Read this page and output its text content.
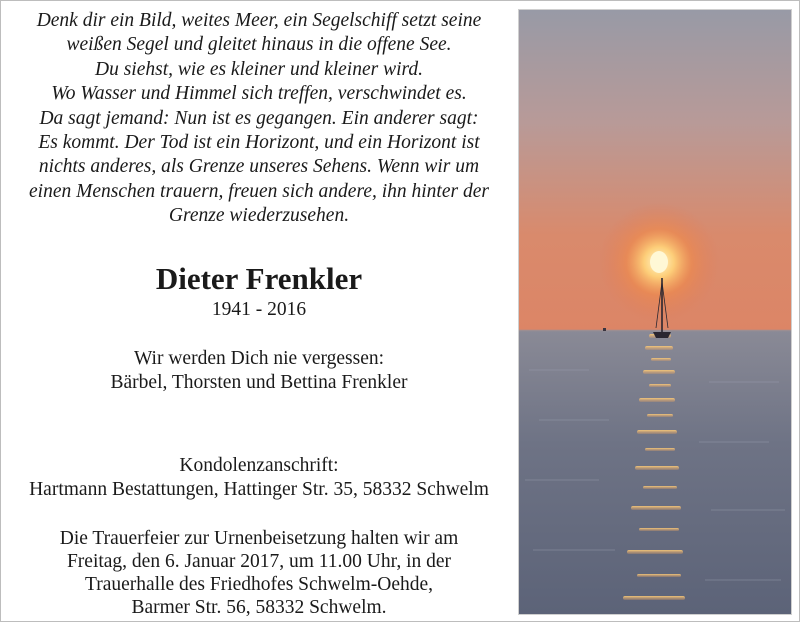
Denk dir ein Bild, weites Meer, ein Segelschiff setzt seine
weißen Segel und gleitet hinaus in die offene See.
Du siehst, wie es kleiner und kleiner wird.
Wo Wasser und Himmel sich treffen, verschwindet es.
Da sagt jemand: Nun ist es gegangen. Ein anderer sagt:
Es kommt. Der Tod ist ein Horizont, und ein Horizont ist
nichts anderes, als Grenze unseres Sehens. Wenn wir um
einen Menschen trauern, freuen sich andere, ihn hinter der
Grenze wiederzusehen.

Dieter Frenkler
1941 - 2016
Wir werden Dich nie vergessen:
Bärbel, Thorsten und Bettina Frenkler
Kondolenzanschrift:
Hartmann Bestattungen, Hattinger Str. 35, 58332 Schwelm
Die Trauerfeier zur Urnenbeisetzung halten wir am
Freitag, den 6. Januar 2017, um 11.00 Uhr, in der
Trauerhalle des Friedhofes Schwelm-Oehde,
Barmer Str. 56, 58332 Schwelm.
